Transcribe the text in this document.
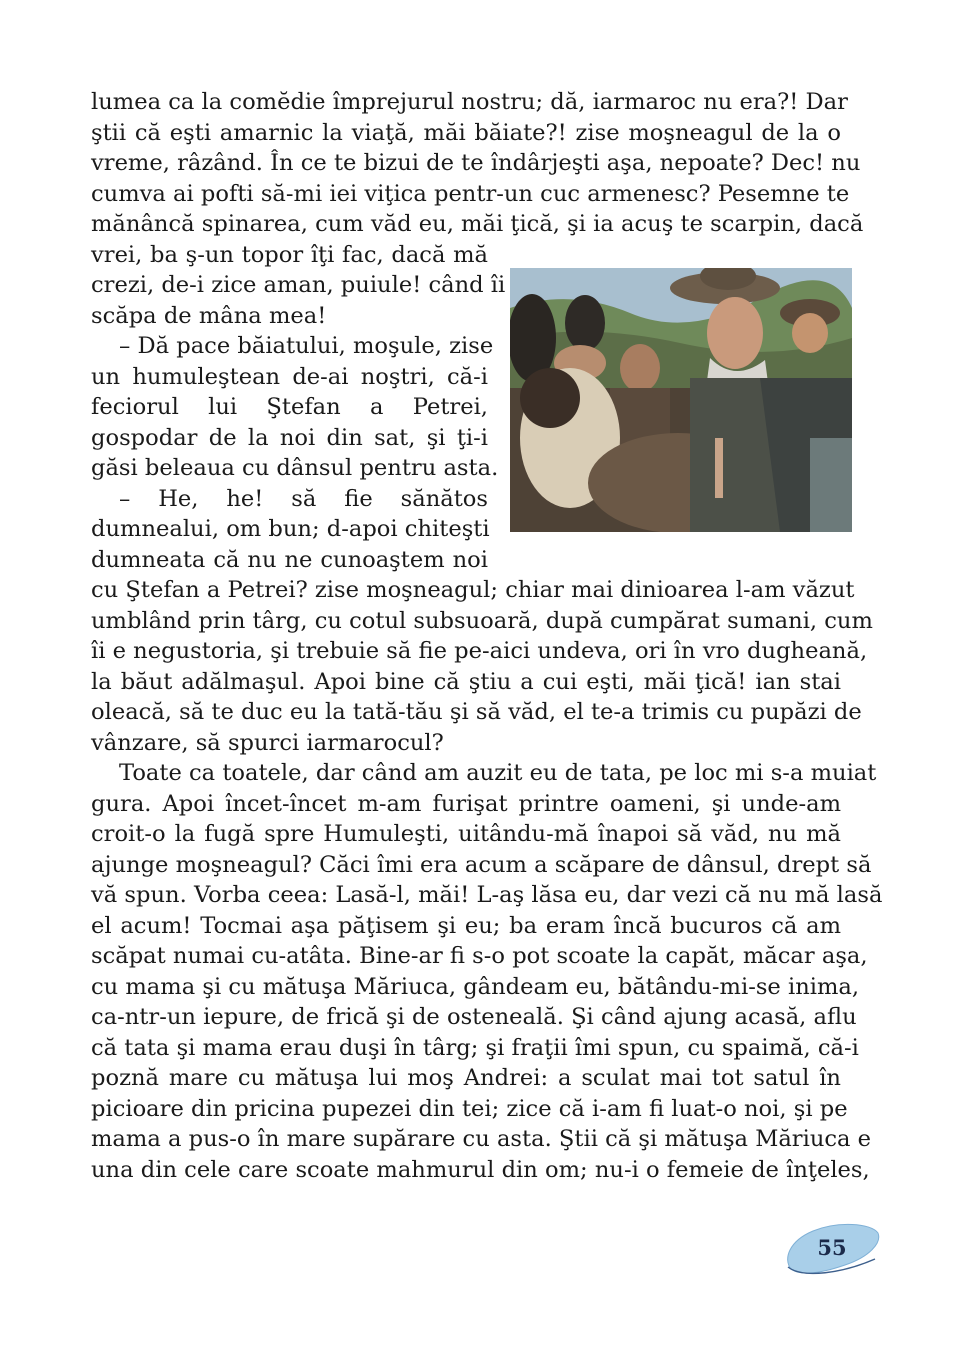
lumea ca la comĕdie împrejurul nostru; dă, iarmaroc nu era?! Dar
ştii că eşti amarnic la viaţă, măi băiate?! zise moşneagul de la o
vreme, râzând. În ce te bizui de te îndârjeşti aşa, nepoate? Dec! nu
cumva ai pofti să-mi iei viţica pentr-un cuc armenesc? Pesemne te
mănâncă spinarea, cum văd eu, măi ţică, şi ia acuş te scarpin, dacă
vrei, ba ş-un topor îţi fac, dacă mă
crezi, de-i zice aman, puiule! când îi
scăpa de mâna mea!
– Dă pace băiatului, moşule, zise
un humuleştean de-ai noştri, că-i
feciorul lui Ştefan a Petrei,
gospodar de la noi din sat, şi ţi-i
găsi beleaua cu dânsul pentru asta.
– He, he! să fie sănătos
dumnealui, om bun; d-apoi chiteşti
dumneata că nu ne cunoaştem noi
cu Ştefan a Petrei? zise moşneagul; chiar mai dinioarea l-am văzut
umblând prin târg, cu cotul subsuoară, după cumpărat sumani, cum
îi e negustoria, şi trebuie să fie pe-aici undeva, ori în vro dugheană,
la băut adălmaşul. Apoi bine că ştiu a cui eşti, măi ţică! ian stai
oleacă, să te duc eu la tată-tău şi să văd, el te-a trimis cu pupăzi de
vânzare, să spurci iarmarocul?
Toate ca toatele, dar când am auzit eu de tata, pe loc mi s-a muiat
gura. Apoi încet-încet m-am furişat printre oameni, şi unde-am
croit-o la fugă spre Humuleşti, uitându-mă înapoi să văd, nu mă
ajunge moşneagul? Căci îmi era acum a scăpare de dânsul, drept să
vă spun. Vorba ceea: Lasă-l, măi! L-aş lăsa eu, dar vezi că nu mă lasă
el acum! Tocmai aşa păţisem şi eu; ba eram încă bucuros că am
scăpat numai cu-atâta. Bine-ar fi s-o pot scoate la capăt, măcar aşa,
cu mama şi cu mătuşa Măriuca, gândeam eu, bătându-mi-se inima,
ca-ntr-un iepure, de frică şi de osteneală. Şi când ajung acasă, aflu
că tata şi mama erau duşi în târg; şi fraţii îmi spun, cu spaimă, că-i
poznă mare cu mătuşa lui moş Andrei: a sculat mai tot satul în
picioare din pricina pupezei din tei; zice că i-am fi luat-o noi, şi pe
mama a pus-o în mare supărare cu asta. Ştii că şi mătuşa Măriuca e
una din cele care scoate mahmurul din om; nu-i o femeie de înţeles,
55
